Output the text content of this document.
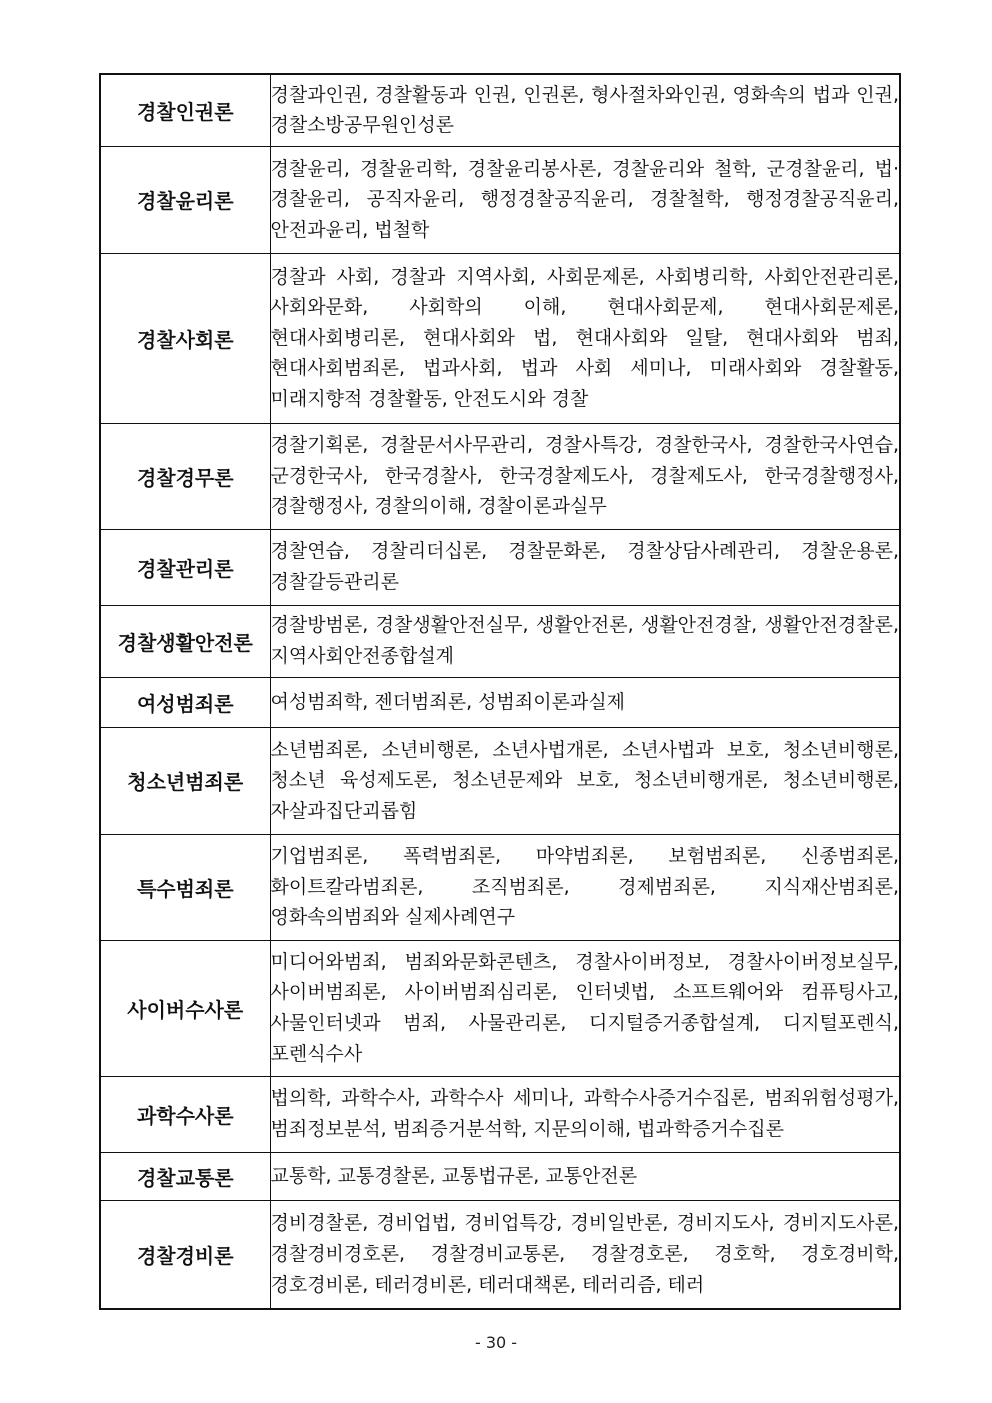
경찰인권론	경찰과인권, 경찰활동과 인권, 인권론, 형사절차와인권, 영화속의 법과 인권, 경찰소방공무원인성론

경찰윤리론	경찰윤리, 경찰윤리학, 경찰윤리봉사론, 경찰윤리와 철학, 군경찰윤리, 법·경찰윤리, 공직자윤리, 행정경찰공직윤리, 경찰철학, 행정경찰공직윤리, 안전과윤리, 법철학

경찰사회론	경찰과 사회, 경찰과 지역사회, 사회문제론, 사회병리학, 사회안전관리론, 사회와문화, 사회학의 이해, 현대사회문제, 현대사회문제론, 현대사회병리론, 현대사회와 법, 현대사회와 일탈, 현대사회와 범죄, 현대사회범죄론, 법과사회, 법과 사회 세미나, 미래사회와 경찰활동, 미래지향적 경찰활동, 안전도시와 경찰

경찰경무론	경찰기획론, 경찰문서사무관리, 경찰사특강, 경찰한국사, 경찰한국사연습, 군경한국사, 한국경찰사, 한국경찰제도사, 경찰제도사, 한국경찰행정사, 경찰행정사, 경찰의이해, 경찰이론과실무

경찰관리론	경찰연습, 경찰리더십론, 경찰문화론, 경찰상담사례관리, 경찰운용론, 경찰갈등관리론

경찰생활안전론	경찰방범론, 경찰생활안전실무, 생활안전론, 생활안전경찰, 생활안전경찰론, 지역사회안전종합설계

여성범죄론	여성범죄학, 젠더범죄론, 성범죄이론과실제

청소년범죄론	소년범죄론, 소년비행론, 소년사법개론, 소년사법과 보호, 청소년비행론, 청소년 육성제도론, 청소년문제와 보호, 청소년비행개론, 청소년비행론, 자살과집단괴롭힘

특수범죄론	기업범죄론, 폭력범죄론, 마약범죄론, 보험범죄론, 신종범죄론, 화이트칼라범죄론, 조직범죄론, 경제범죄론, 지식재산범죄론, 영화속의범죄와 실제사례연구

사이버수사론	미디어와범죄, 범죄와문화콘텐츠, 경찰사이버정보, 경찰사이버정보실무, 사이버범죄론, 사이버범죄심리론, 인터넷법, 소프트웨어와 컴퓨팅사고, 사물인터넷과 범죄, 사물관리론, 디지털증거종합설계, 디지털포렌식, 포렌식수사

과학수사론	법의학, 과학수사, 과학수사 세미나, 과학수사증거수집론, 범죄위험성평가, 범죄정보분석, 범죄증거분석학, 지문의이해, 법과학증거수집론

경찰교통론	교통학, 교통경찰론, 교통법규론, 교통안전론

경찰경비론	경비경찰론, 경비업법, 경비업특강, 경비일반론, 경비지도사, 경비지도사론, 경찰경비경호론, 경찰경비교통론, 경찰경호론, 경호학, 경호경비학, 경호경비론, 테러경비론, 테러대책론, 테러리즘, 테러
- 30 -
